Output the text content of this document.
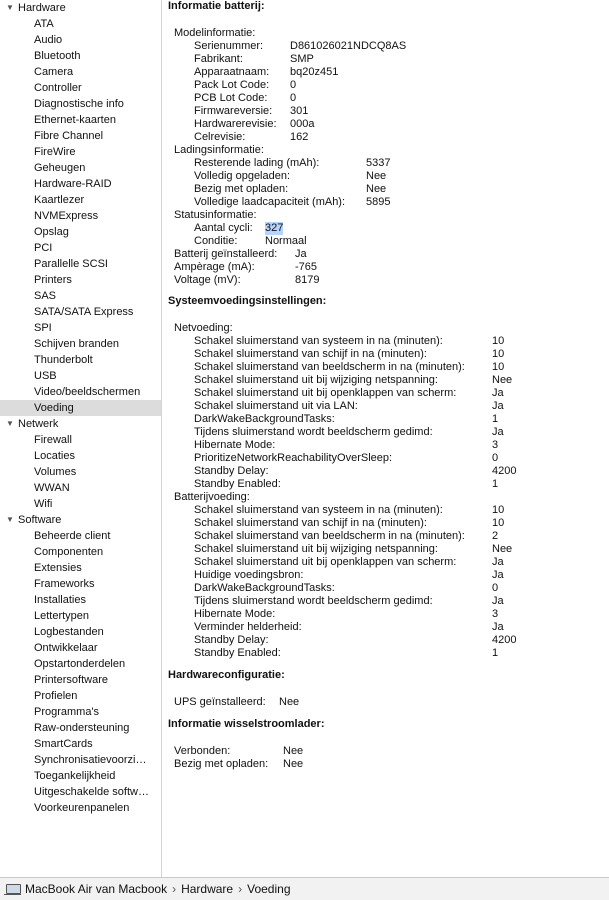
▼ Hardware
ATA
Audio
Bluetooth
Camera
Controller
Diagnostische info
Ethernet-kaarten
Fibre Channel
FireWire
Geheugen
Hardware-RAID
Kaartlezer
NVMExpress
Opslag
PCI
Parallelle SCSI
Printers
SAS
SATA/SATA Express
SPI
Schijven branden
Thunderbolt
USB
Video/beeldschermen
Voeding
▼ Netwerk
Firewall
Locaties
Volumes
WWAN
Wifi
▼ Software
Beheerde client
Componenten
Extensies
Frameworks
Installaties
Lettertypen
Logbestanden
Ontwikkelaar
Opstartonderdelen
Printersoftware
Profielen
Programma's
Raw-ondersteuning
SmartCards
Synchronisatievoorzi…
Toegankelijkheid
Uitgeschakelde softw…
Voorkeurenpanelen
Informatie batterij:
Modelinformatie:
Serienummer: D861026021NDCQ8AS
Fabrikant:	SMP
Apparaatnaam: bq20z451
Pack Lot Code: 0
PCB Lot Code: 0
Firmwareversie: 301
Hardwarerevisie: 000a
Celrevisie:	162
Ladingsinformatie:
Resterende lading (mAh):	5337
Volledig opgeladen:	Nee
Bezig met opladen:	Nee
Volledige laadcapaciteit (mAh): 5895
Statusinformatie:
Aantal cycli: 327
Conditie:	Normaal
Batterij geïnstalleerd: Ja
Ampèrage (mA):	-765
Voltage (mV):	8179
Systeemvoedingsinstellingen:
Netvoeding:
Schakel sluimerstand van systeem in na (minuten):	10
Schakel sluimerstand van schijf in na (minuten):	10
Schakel sluimerstand van beeldscherm in na (minuten): 10
Schakel sluimerstand uit bij wijziging netspanning:	Nee
Schakel sluimerstand uit bij openklappen van scherm:	Ja
Schakel sluimerstand uit via LAN:	Ja
DarkWakeBackgroundTasks:	1
Tijdens sluimerstand wordt beeldscherm gedimd:	Ja
Hibernate Mode:	3
PrioritizeNetworkReachabilityOverSleep:	0
Standby Delay:	4200
Standby Enabled:	1
Batterijvoeding:
Schakel sluimerstand van systeem in na (minuten):	10
Schakel sluimerstand van schijf in na (minuten):	10
Schakel sluimerstand van beeldscherm in na (minuten): 2
Schakel sluimerstand uit bij wijziging netspanning:	Nee
Schakel sluimerstand uit bij openklappen van scherm:	Ja
Huidige voedingsbron:	Ja
DarkWakeBackgroundTasks:	0
Tijdens sluimerstand wordt beeldscherm gedimd:	Ja
Hibernate Mode:	3
Verminder helderheid:	Ja
Standby Delay:	4200
Standby Enabled:	1
Hardwareconfiguratie:
UPS geïnstalleerd: Nee
Informatie wisselstroomlader:
Verbonden:	Nee
Bezig met opladen: Nee
MacBook Air van Macbook › Hardware › Voeding
